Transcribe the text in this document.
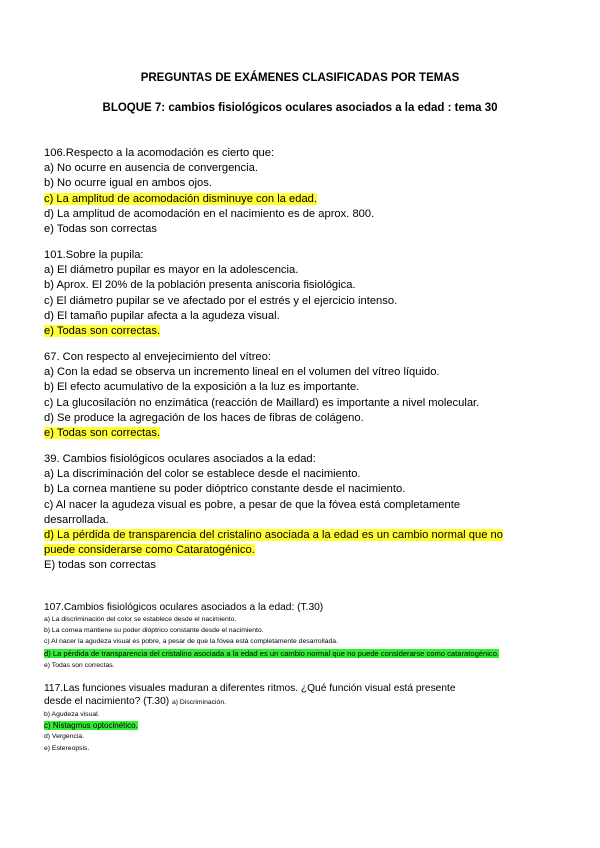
PREGUNTAS DE EXÁMENES CLASIFICADAS POR TEMAS
BLOQUE 7: cambios fisiológicos oculares asociados a la edad : tema 30
106.Respecto a la acomodación es cierto que:
a) No ocurre en ausencia de convergencia.
b) No ocurre igual en ambos ojos.
c) La amplitud de acomodación disminuye con la edad.
d) La amplitud de acomodación en el nacimiento es de aprox. 800.
e) Todas son correctas
101.Sobre la pupila:
a) El diámetro pupilar es mayor en la adolescencia.
b) Aprox. El 20% de la población presenta aniscoria fisiológica.
c) El diámetro pupilar se ve afectado por el estrés y el ejercicio intenso.
d) El tamaño pupilar afecta a la agudeza visual.
e) Todas son correctas.
67. Con respecto al envejecimiento del vítreo:
a) Con la edad se observa un incremento lineal en el volumen del vítreo líquido.
b) El efecto acumulativo de la exposición a la luz es importante.
c) La glucosilación no enzimática (reacción de Maillard) es importante a nivel molecular.
d) Se produce la agregación de los haces de fibras de colágeno.
e) Todas son correctas.
39. Cambios fisiológicos oculares asociados a la edad:
a) La discriminación del color se establece desde el nacimiento.
b) La cornea mantiene su poder dióptrico constante desde el nacimiento.
c) Al nacer la agudeza visual es pobre, a pesar de que la fóvea está completamente desarrollada.
d) La pérdida de transparencia del cristalino asociada a la edad es un cambio normal que no puede considerarse como Cataratogénico.
E) todas son correctas
107.Cambios fisiológicos oculares asociados a la edad: (T.30)
a) La discriminación del color se establece desde el nacimiento.
b) La cornea mantiene su poder dióptrico constante desde el nacimiento.
c) Al nacer la agudeza visual es pobre, a pesar de que la fóvea está completamente desarrollada.
d) La pérdida de transparencia del cristalino asociada a la edad es un cambio normal que no puede considerarse como cataratogénico.
e) Todas son correctas.
117.Las funciones visuales maduran a diferentes ritmos. ¿Qué función visual está presente
desde el nacimiento? (T.30) a) Discriminación.
b) Agudeza visual.
c) Nistagmus optocinético.
d) Vergencia.
e) Estereopsis.
